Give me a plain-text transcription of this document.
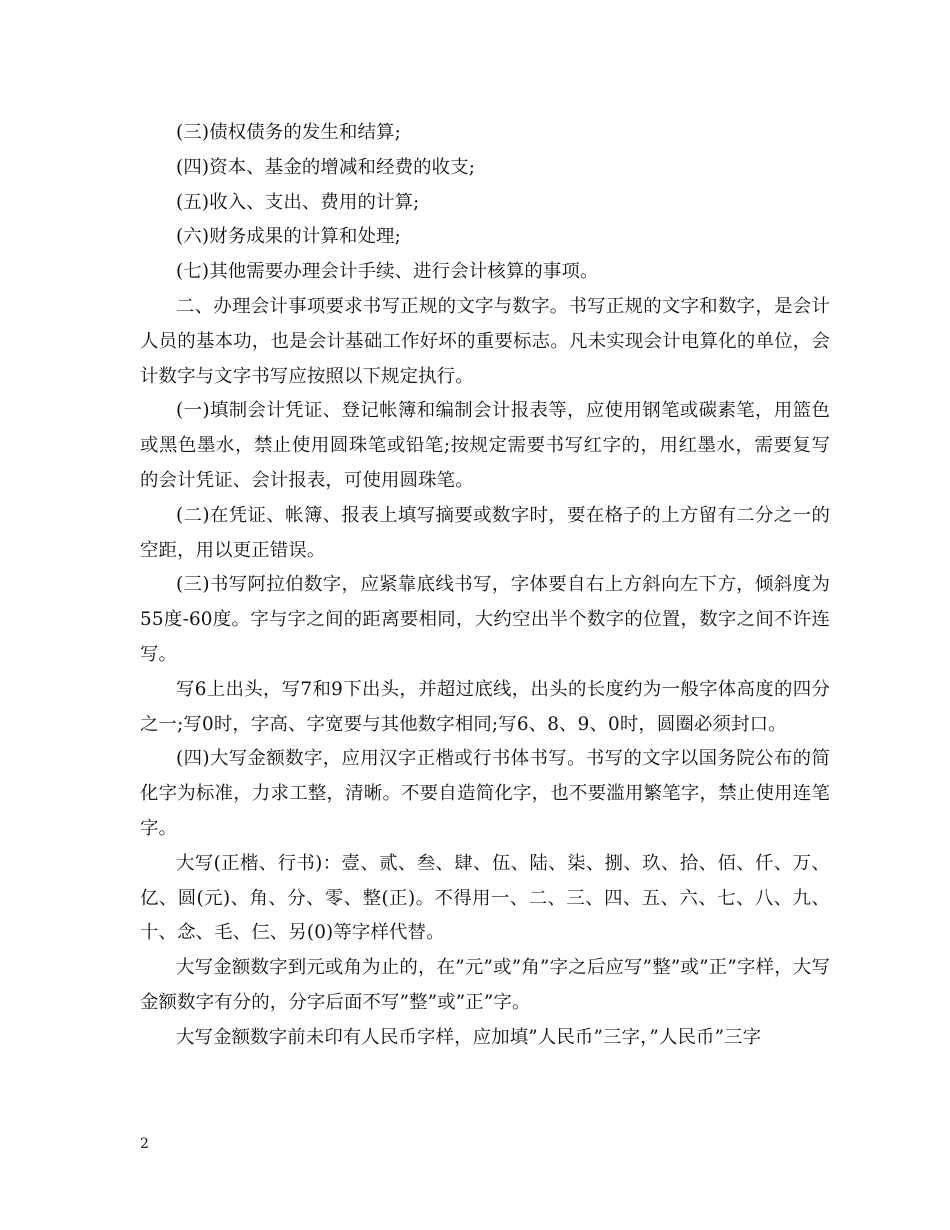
(三)债权债务的发生和结算;

(四)资本、基金的增减和经费的收支;

(五)收入、支出、费用的计算;

(六)财务成果的计算和处理;

(七)其他需要办理会计手续、进行会计核算的事项。

二、办理会计事项要求书写正规的文字与数字。书写正规的文字和数字，是会计人员的基本功，也是会计基础工作好坏的重要标志。凡未实现会计电算化的单位，会计数字与文字书写应按照以下规定执行。

(一)填制会计凭证、登记帐簿和编制会计报表等，应使用钢笔或碳素笔，用篮色或黑色墨水，禁止使用圆珠笔或铅笔;按规定需要书写红字的，用红墨水，需要复写的会计凭证、会计报表，可使用圆珠笔。

(二)在凭证、帐簿、报表上填写摘要或数字时，要在格子的上方留有二分之一的空距，用以更正错误。

(三)书写阿拉伯数字，应紧靠底线书写，字体要自右上方斜向左下方，倾斜度为55度-60度。字与字之间的距离要相同，大约空出半个数字的位置，数字之间不许连写。

写6上出头，写7和9下出头，并超过底线，出头的长度约为一般字体高度的四分之一;写0时，字高、字宽要与其他数字相同;写6、8、9、0时，圆圈必须封口。

(四)大写金额数字，应用汉字正楷或行书体书写。书写的文字以国务院公布的简化字为标准，力求工整，清晰。不要自造简化字，也不要滥用繁笔字，禁止使用连笔字。

大写(正楷、行书)：壹、贰、叁、肆、伍、陆、柒、捌、玖、拾、佰、仟、万、亿、圆(元)、角、分、零、整(正)。不得用一、二、三、四、五、六、七、八、九、十、念、毛、仨、另(0)等字样代替。

大写金额数字到元或角为止的，在”元”或”角”字之后应写”整”或”正”字样，大写金额数字有分的，分字后面不写”整”或”正”字。

大写金额数字前未印有人民币字样，应加填”人民币”三字，”人民币”三字

2
